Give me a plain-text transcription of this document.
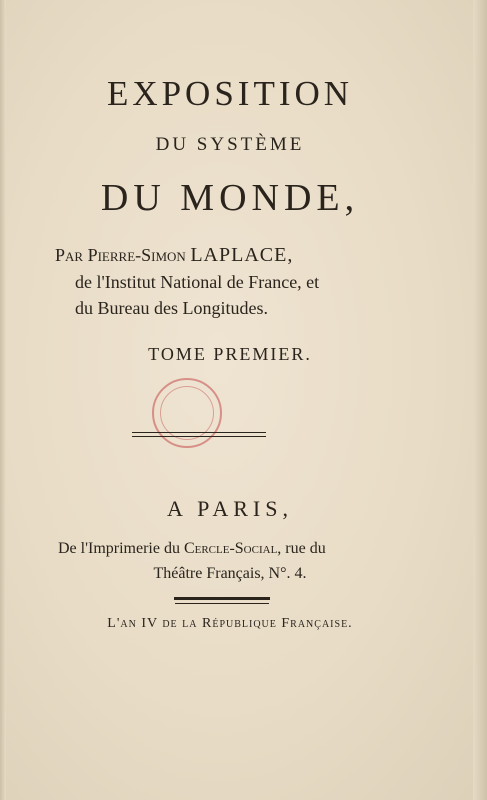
EXPOSITION
DU SYSTÈME
DU MONDE,
Par Pierre-Simon LAPLACE,
de l'Institut National de France, et
du Bureau des Longitudes.
TOME PREMIER.
A PARIS,
De l'Imprimerie du Cercle-Social, rue du
Théâtre Français, N°. 4.
L'an IV de la République Française.
